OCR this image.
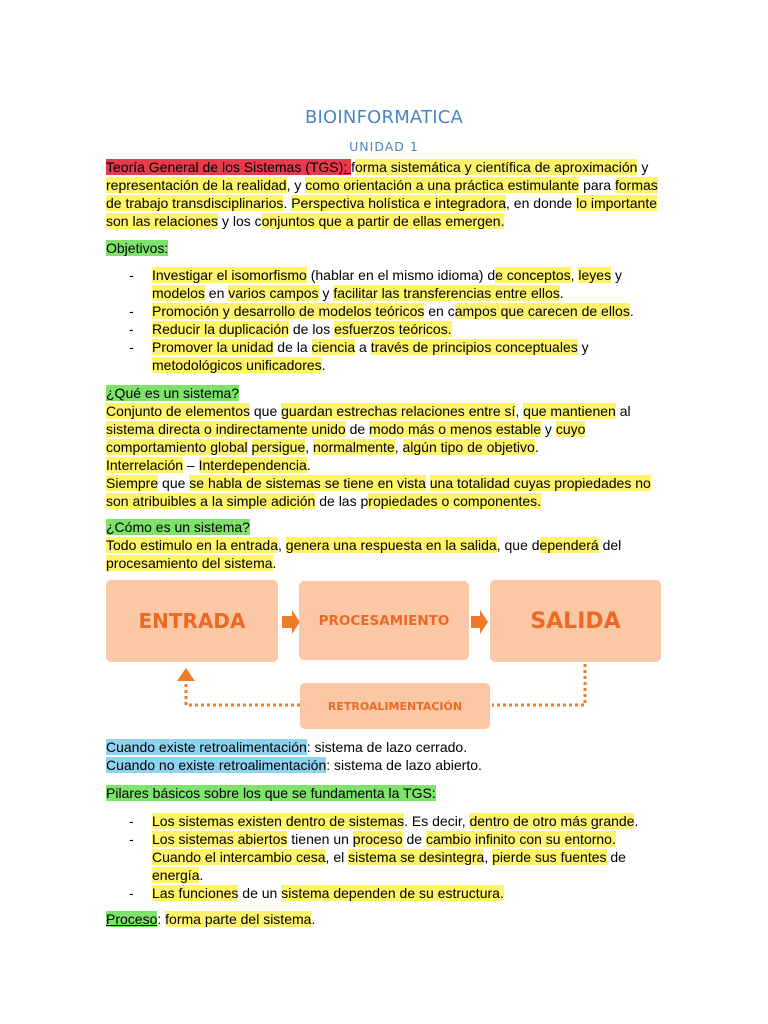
BIOINFORMATICA
UNIDAD 1
Teoría General de los Sistemas (TGS): forma sistemática y científica de aproximación y
representación de la realidad, y como orientación a una práctica estimulante para formas
de trabajo transdisciplinarios. Perspectiva holística e integradora, en donde lo importante
son las relaciones y los conjuntos que a partir de ellas emergen.
Objetivos:
- Investigar el isomorfismo (hablar en el mismo idioma) de conceptos, leyes y
modelos en varios campos y facilitar las transferencias entre ellos.
- Promoción y desarrollo de modelos teóricos en campos que carecen de ellos.
- Reducir la duplicación de los esfuerzos teóricos.
- Promover la unidad de la ciencia a través de principios conceptuales y
metodológicos unificadores.
¿Qué es un sistema?
Conjunto de elementos que guardan estrechas relaciones entre sí, que mantienen al
sistema directa o indirectamente unido de modo más o menos estable y cuyo
comportamiento global persigue, normalmente, algún tipo de objetivo.
Interrelación – Interdependencia.
Siempre que se habla de sistemas se tiene en vista una totalidad cuyas propiedades no
son atribuibles a la simple adición de las propiedades o componentes.
¿Cómo es un sistema?
Todo estimulo en la entrada, genera una respuesta en la salida, que dependerá del
procesamiento del sistema.
ENTRADA	PROCESAMIENTO	SALIDA
RETROALIMENTACIÓN
Cuando existe retroalimentación: sistema de lazo cerrado.
Cuando no existe retroalimentación: sistema de lazo abierto.
Pilares básicos sobre los que se fundamenta la TGS:
- Los sistemas existen dentro de sistemas. Es decir, dentro de otro más grande.
- Los sistemas abiertos tienen un proceso de cambio infinito con su entorno.
Cuando el intercambio cesa, el sistema se desintegra, pierde sus fuentes de
energía.
- Las funciones de un sistema dependen de su estructura.
Proceso: forma parte del sistema.
